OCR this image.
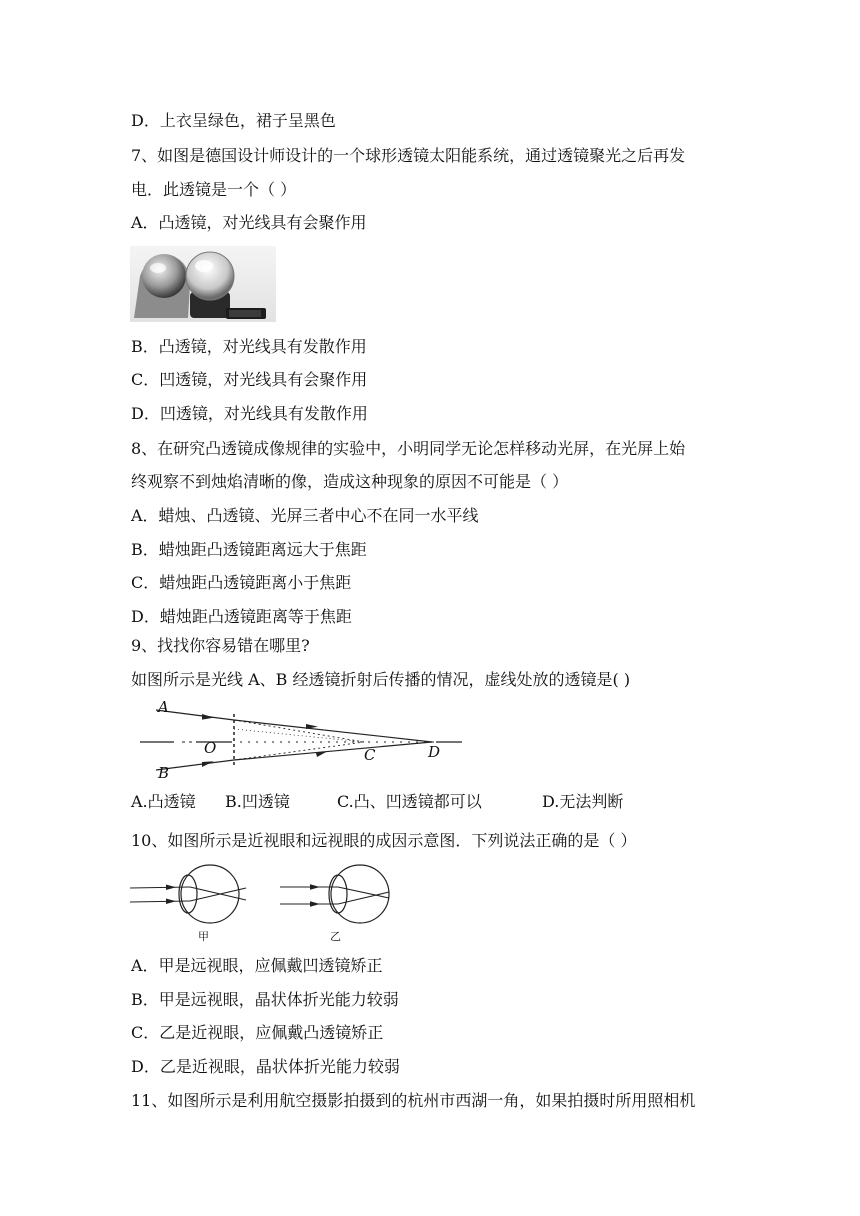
D．上衣呈绿色，裙子呈黑色
7、如图是德国设计师设计的一个球形透镜太阳能系统，通过透镜聚光之后再发
电．此透镜是一个（ ）
A．凸透镜，对光线具有会聚作用
B．凸透镜，对光线具有发散作用
C．凹透镜，对光线具有会聚作用
D．凹透镜，对光线具有发散作用
8、在研究凸透镜成像规律的实验中，小明同学无论怎样移动光屏，在光屏上始
终观察不到烛焰清晰的像，造成这种现象的原因不可能是（ ）
A．蜡烛、凸透镜、光屏三者中心不在同一水平线
B．蜡烛距凸透镜距离远大于焦距
C．蜡烛距凸透镜距离小于焦距
D．蜡烛距凸透镜距离等于焦距
9、找找你容易错在哪里?
如图所示是光线 A、B 经透镜折射后传播的情况，虚线处放的透镜是( )
A
B
O	C	D
A.凸透镜 B.凹透镜	C.凸、凹透镜都可以	D.无法判断
10、如图所示是近视眼和远视眼的成因示意图．下列说法正确的是（ ）
甲	乙
A．甲是远视眼，应佩戴凹透镜矫正
B．甲是远视眼，晶状体折光能力较弱
C．乙是近视眼，应佩戴凸透镜矫正
D．乙是近视眼，晶状体折光能力较弱
11、如图所示是利用航空摄影拍摄到的杭州市西湖一角，如果拍摄时所用照相机
